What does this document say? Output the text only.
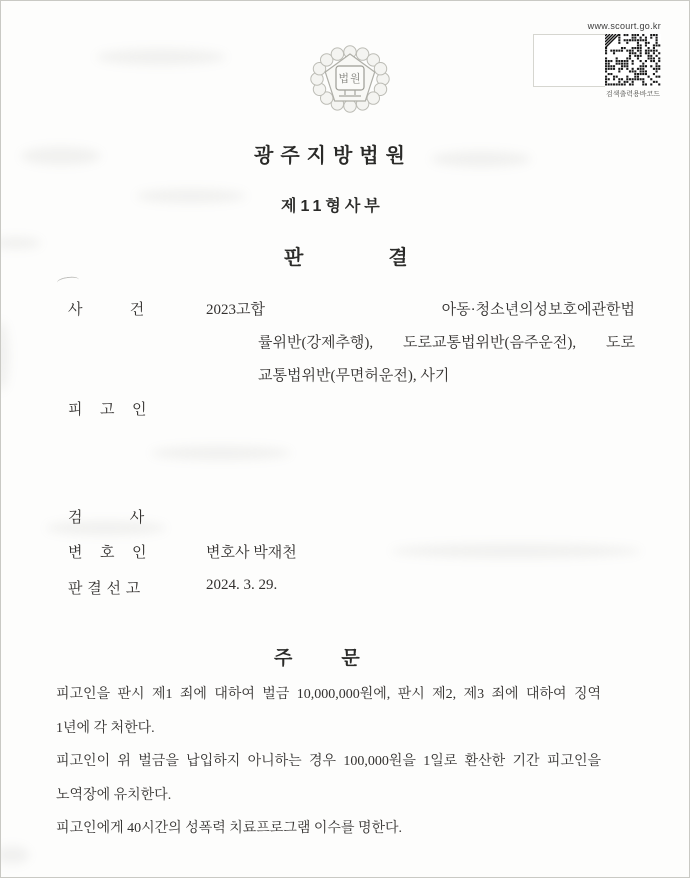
www.scourt.go.kr
검색출력용바코드
법원
광주지방법원
제11형사부
판결
사           건	2023고합	아동·청소년의성보호에관한법
률위반(강제추행), 도로교통법위반(음주운전), 도로
교통법위반(무면허운전), 사기
피    고    인
검           사
변    호    인	변호사 박재천
판 결 선 고	2024. 3. 29.
주문
피고인을 판시 제1 죄에 대하여 벌금 10,000,000원에, 판시 제2, 제3 죄에 대하여 징역
1년에 각 처한다.
피고인이 위 벌금을 납입하지 아니하는 경우 100,000원을 1일로 환산한 기간 피고인을
노역장에 유치한다.
피고인에게 40시간의 성폭력 치료프로그램 이수를 명한다.
